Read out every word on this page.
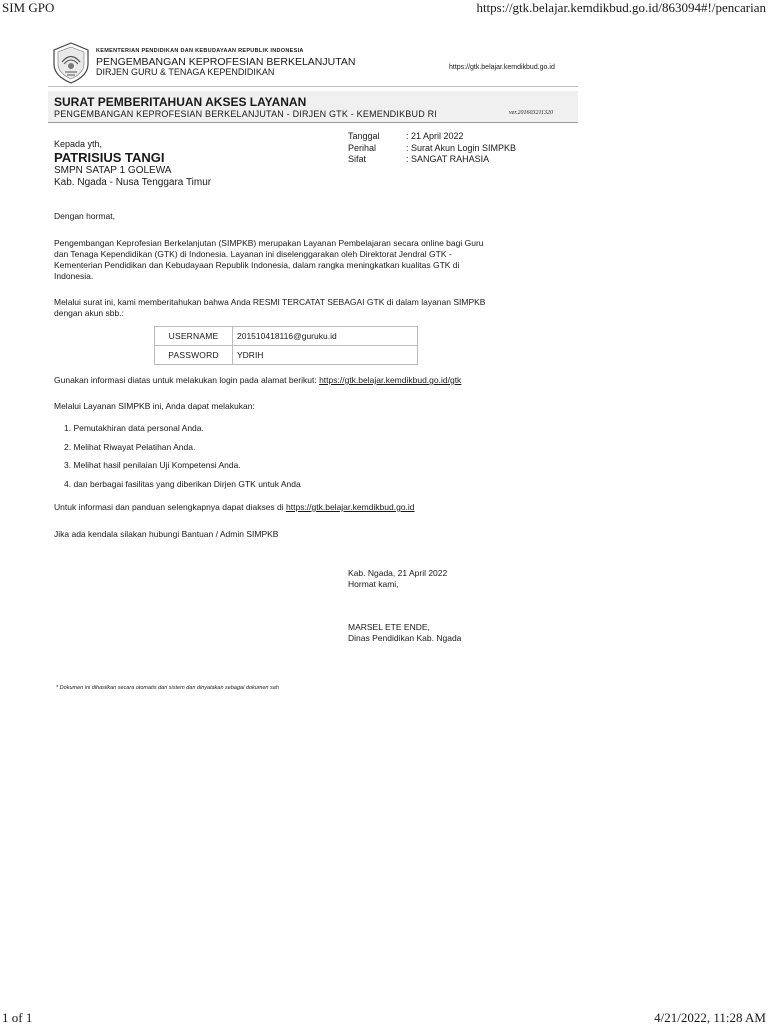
SIM GPO	https://gtk.belajar.kemdikbud.go.id/863094#!/pencarian
KEMENTERIAN PENDIDIKAN DAN KEBUDAYAAN REPUBLIK INDONESIA
PENGEMBANGAN KEPROFESIAN BERKELANJUTAN
DIRJEN GURU & TENAGA KEPENDIDIKAN	https://gtk.belajar.kemdikbud.go.id
SURAT PEMBERITAHUAN AKSES LAYANAN
PENGEMBANGAN KEPROFESIAN BERKELANJUTAN - DIRJEN GTK - KEMENDIKBUD RI	ver.201603211320
Kepada yth,
PATRISIUS TANGI
SMPN SATAP 1 GOLEWA
Kab. Ngada - Nusa Tenggara Timur
Tanggal	: 21 April 2022
Perihal	: Surat Akun Login SIMPKB
Sifat	: SANGAT RAHASIA
Dengan hormat,
Pengembangan Keprofesian Berkelanjutan (SIMPKB) merupakan Layanan Pembelajaran secara online bagi Guru
dan Tenaga Kependidikan (GTK) di Indonesia. Layanan ini diselenggarakan oleh Direktorat Jendral GTK -
Kementerian Pendidikan dan Kebudayaan Republik Indonesia, dalam rangka meningkatkan kualitas GTK di
Indonesia.
Melalui surat ini, kami memberitahukan bahwa Anda RESMI TERCATAT SEBAGAI GTK di dalam layanan SIMPKB
dengan akun sbb.:
USERNAME	201510418116@guruku.id
PASSWORD	YDRIH
Gunakan informasi diatas untuk melakukan login pada alamat berikut: https://gtk.belajar.kemdikbud.go.id/gtk
Melalui Layanan SIMPKB ini, Anda dapat melakukan:
1. Pemutakhiran data personal Anda.
2. Melihat Riwayat Pelatihan Anda.
3. Melihat hasil penilaian Uji Kompetensi Anda.
4. dan berbagai fasilitas yang diberikan Dirjen GTK untuk Anda
Untuk informasi dan panduan selengkapnya dapat diakses di https://gtk.belajar.kemdikbud.go.id
Jika ada kendala silakan hubungi Bantuan / Admin SIMPKB
Kab. Ngada, 21 April 2022
Hormat kami,
MARSEL ETE ENDE,
Dinas Pendidikan Kab. Ngada
* Dokumen ini dihasilkan secara otomatis dari sistem dan dinyatakan sebagai dokumen sah
1 of 1	4/21/2022, 11:28 AM
